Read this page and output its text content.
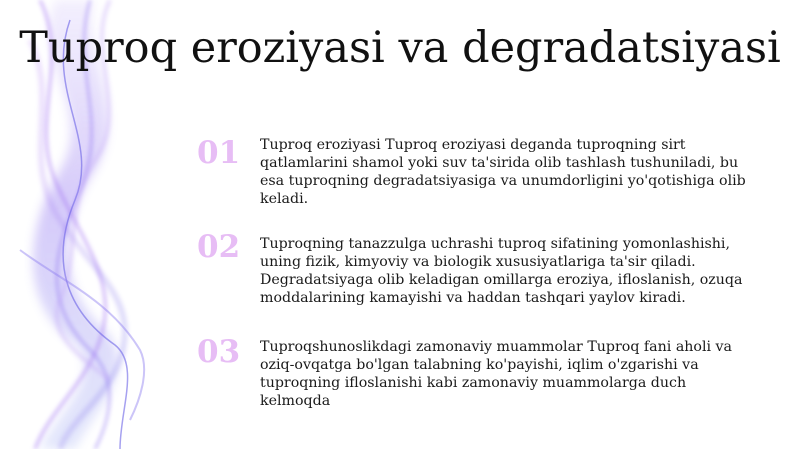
Tuproq eroziyasi va degradatsiyasi
01	Tuproq eroziyasi Tuproq eroziyasi deganda tuproqning sirt qatlamlarini shamol yoki suv ta'sirida olib tashlash tushuniladi, bu esa tuproqning degradatsiyasiga va unumdorligini yo'qotishiga olib keladi.
02	Tuproqning tanazzulga uchrashi tuproq sifatining yomonlashishi, uning fizik, kimyoviy va biologik xususiyatlariga ta'sir qiladi. Degradatsiyaga olib keladigan omillarga eroziya, ifloslanish, ozuqa moddalarining kamayishi va haddan tashqari yaylov kiradi.
03	Tuproqshunoslikdagi zamonaviy muammolar Tuproq fani aholi va oziq-ovqatga bo'lgan talabning ko'payishi, iqlim o'zgarishi va tuproqning ifloslanishi kabi zamonaviy muammolarga duch kelmoqda
